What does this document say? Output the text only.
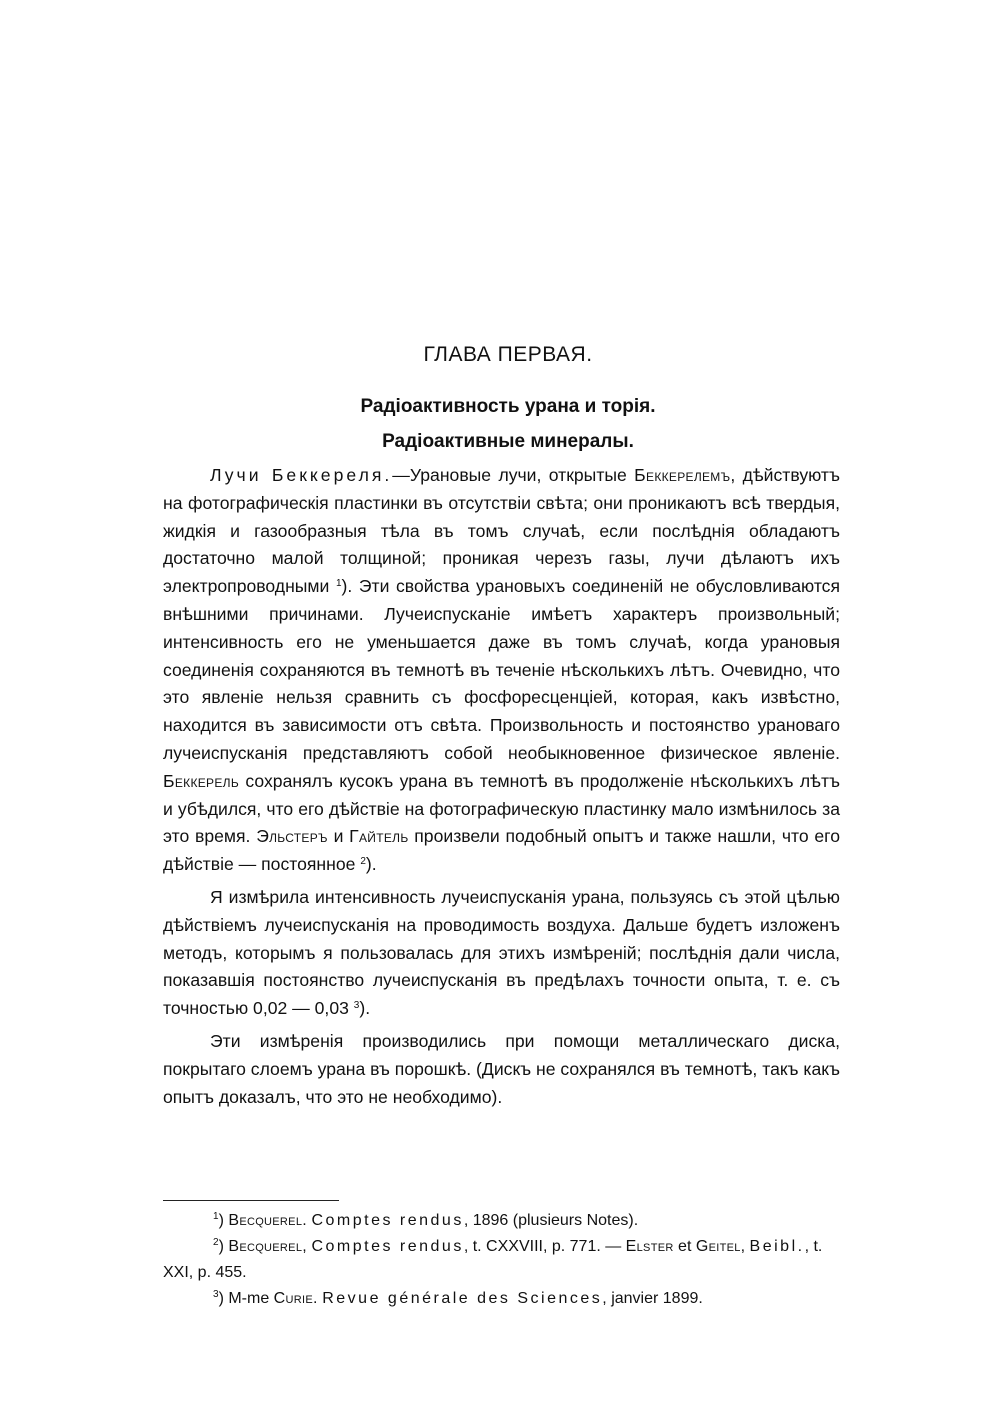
ГЛАВА ПЕРВАЯ.
Радіоактивность урана и торія.
Радіоактивные минералы.

Лучи Беккереля.—Урановые лучи, открытые Беккерелемъ, дѣйствуютъ на фотографическія пластинки въ отсутствіи свѣта; они проникаютъ всѣ твердыя, жидкія и газообразныя тѣла въ томъ случаѣ, если послѣднія обладаютъ достаточно малой толщиной; проникая черезъ газы, лучи дѣлаютъ ихъ электропроводными $^1$). Эти свойства урановыхъ соединеній не обусловливаются внѣшними причинами. Лучеиспусканіе имѣетъ характеръ произвольный; интенсивность его не уменьшается даже въ томъ случаѣ, когда урановыя соединенія сохраняются въ темнотѣ въ теченіе нѣсколькихъ лѣтъ. Очевидно, что это явленіе нельзя сравнить съ фосфоресценціей, которая, какъ извѣстно, находится въ зависимости отъ свѣта. Произвольность и постоянство урановаго лучеиспусканія представляютъ собой необыкновенное физическое явленіе. Беккерель сохранялъ кусокъ урана въ темнотѣ въ продолженіе нѣсколькихъ лѣтъ и убѣдился, что его дѣйствіе на фотографическую пластинку мало измѣнилось за это время. Эльстеръ и Гайтель произвели подобный опытъ и также нашли, что его дѣйствіе — постоянное $^2$).

Я измѣрила интенсивность лучеиспусканія урана, пользуясь съ этой цѣлью дѣйствіемъ лучеиспусканія на проводимость воздуха. Дальше будетъ изложенъ методъ, которымъ я пользовалась для этихъ измѣреній; послѣднія дали числа, показавшія постоянство лучеиспусканія въ предѣлахъ точности опыта, т. е. съ точностью 0,02 — 0,03 $^3$).

Эти измѣренія производились при помощи металлическаго диска, покрытаго слоемъ урана въ порошкѣ. (Дискъ не сохранялся въ темнотѣ, такъ какъ опытъ доказалъ, что это не необходимо).

$^1$) Becquerel. Comptes rendus, 1896 (plusieurs Notes).

$^2$) Becquerel, Comptes rendus, t. CXXVIII, p. 771. — Elster et Geitel, Beibl., t. XXI, p. 455.

$^3$) M-me Curie. Revue générale des Sciences, janvier 1899.
